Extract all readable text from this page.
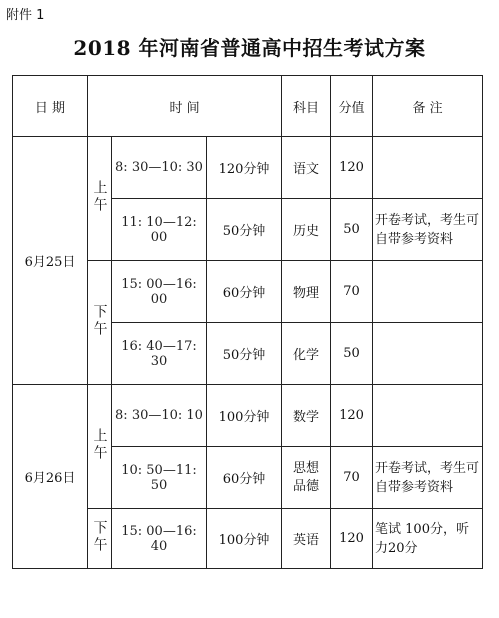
附件 1
2018 年河南省普通高中招生考试方案
日 期	时 间			科目	分值	备 注
6月25日	上午	8: 30—10: 30	120分钟	语文	120	
		11: 10—12: 00	50分钟	历史	50	开卷考试，考生可自带参考资料
	下午	15: 00—16: 00	60分钟	物理	70	
		16: 40—17: 30	50分钟	化学	50	
6月26日	上午	8: 30—10: 10	100分钟	数学	120	
		10: 50—11: 50	60分钟	思想品德	70	开卷考试，考生可自带参考资料
	下午	15: 00—16: 40	100分钟	英语	120	笔试 100分，听力20分
